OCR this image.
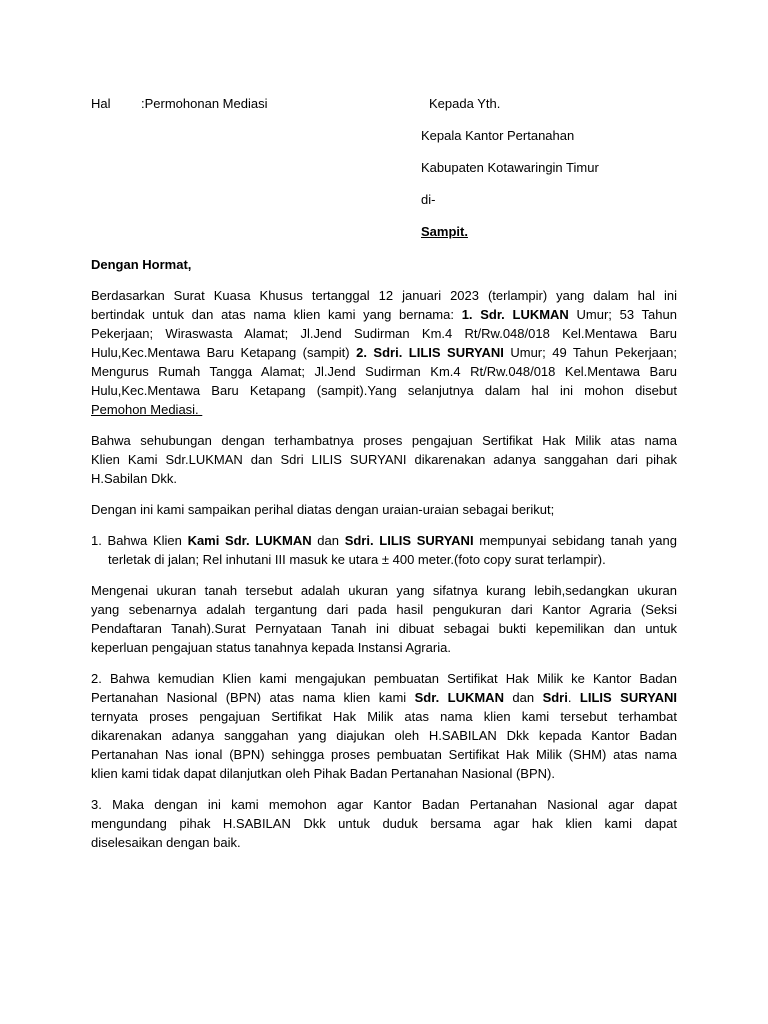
Hal :Permohonan Mediasi	Kepada Yth.
Kepala Kantor Pertanahan
Kabupaten Kotawaringin Timur
di-
Sampit.
Dengan Hormat,
Berdasarkan Surat Kuasa Khusus tertanggal 12 januari 2023 (terlampir) yang dalam hal ini
bertindak untuk dan atas nama klien kami yang bernama: 1. Sdr. LUKMAN Umur; 53 Tahun
Pekerjaan; Wiraswasta Alamat; Jl.Jend Sudirman Km.4 Rt/Rw.048/018 Kel.Mentawa Baru
Hulu,Kec.Mentawa Baru Ketapang (sampit) 2. Sdri. LILIS SURYANI Umur; 49 Tahun Pekerjaan;
Mengurus Rumah Tangga Alamat; Jl.Jend Sudirman Km.4 Rt/Rw.048/018 Kel.Mentawa Baru
Hulu,Kec.Mentawa Baru Ketapang (sampit).Yang selanjutnya dalam hal ini mohon disebut
Pemohon Mediasi.
Bahwa sehubungan dengan terhambatnya proses pengajuan Sertifikat Hak Milik atas nama
Klien Kami Sdr.LUKMAN dan Sdri LILIS SURYANI dikarenakan adanya sanggahan dari pihak
H.Sabilan Dkk.
Dengan ini kami sampaikan perihal diatas dengan uraian-uraian sebagai berikut;
1. Bahwa Klien Kami Sdr. LUKMAN dan Sdri. LILIS SURYANI mempunyai sebidang tanah yang
terletak di jalan; Rel inhutani III masuk ke utara ± 400 meter.(foto copy surat terlampir).
Mengenai ukuran tanah tersebut adalah ukuran yang sifatnya kurang lebih,sedangkan ukuran
yang sebenarnya adalah tergantung dari pada hasil pengukuran dari Kantor Agraria (Seksi
Pendaftaran Tanah).Surat Pernyataan Tanah ini dibuat sebagai bukti kepemilikan dan untuk
keperluan pengajuan status tanahnya kepada Instansi Agraria.
2. Bahwa kemudian Klien kami mengajukan pembuatan Sertifikat Hak Milik ke Kantor Badan
Pertanahan Nasional (BPN) atas nama klien kami Sdr. LUKMAN dan Sdri. LILIS SURYANI
ternyata proses pengajuan Sertifikat Hak Milik atas nama klien kami tersebut terhambat
dikarenakan adanya sanggahan yang diajukan oleh H.SABILAN Dkk kepada Kantor Badan
Pertanahan Nas ional (BPN) sehingga proses pembuatan Sertifikat Hak Milik (SHM) atas nama
klien kami tidak dapat dilanjutkan oleh Pihak Badan Pertanahan Nasional (BPN).
3. Maka dengan ini kami memohon agar Kantor Badan Pertanahan Nasional agar dapat
mengundang pihak H.SABILAN Dkk untuk duduk bersama agar hak klien kami dapat
diselesaikan dengan baik.
